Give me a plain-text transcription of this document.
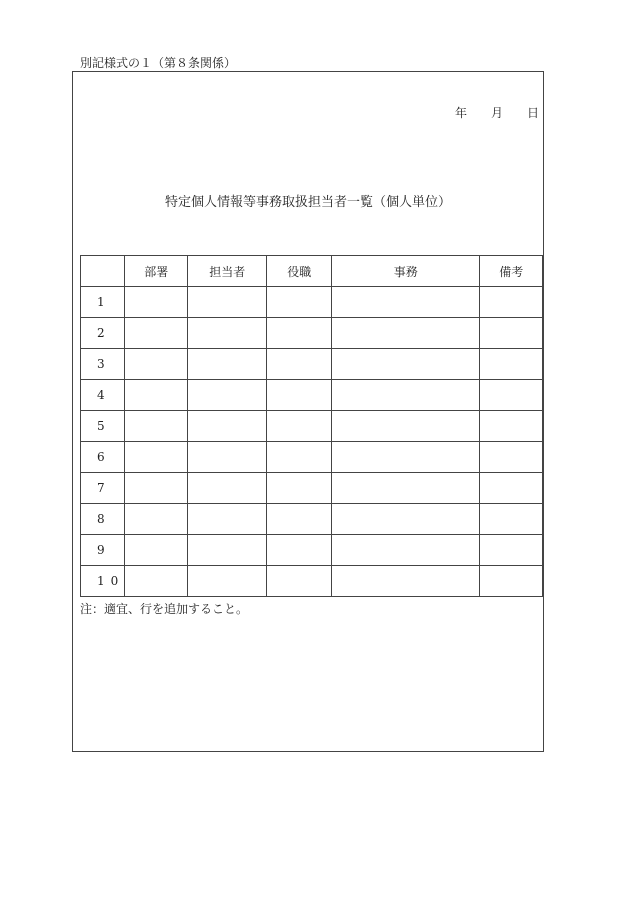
別記様式の１（第８条関係）
年 月 日
特定個人情報等事務取扱担当者一覧（個人単位）
	部署	担当者	役職	事務	備考
1					
2					
3					
4					
5					
6					
7					
8					
9					
10					
注：適宜、行を追加すること。
